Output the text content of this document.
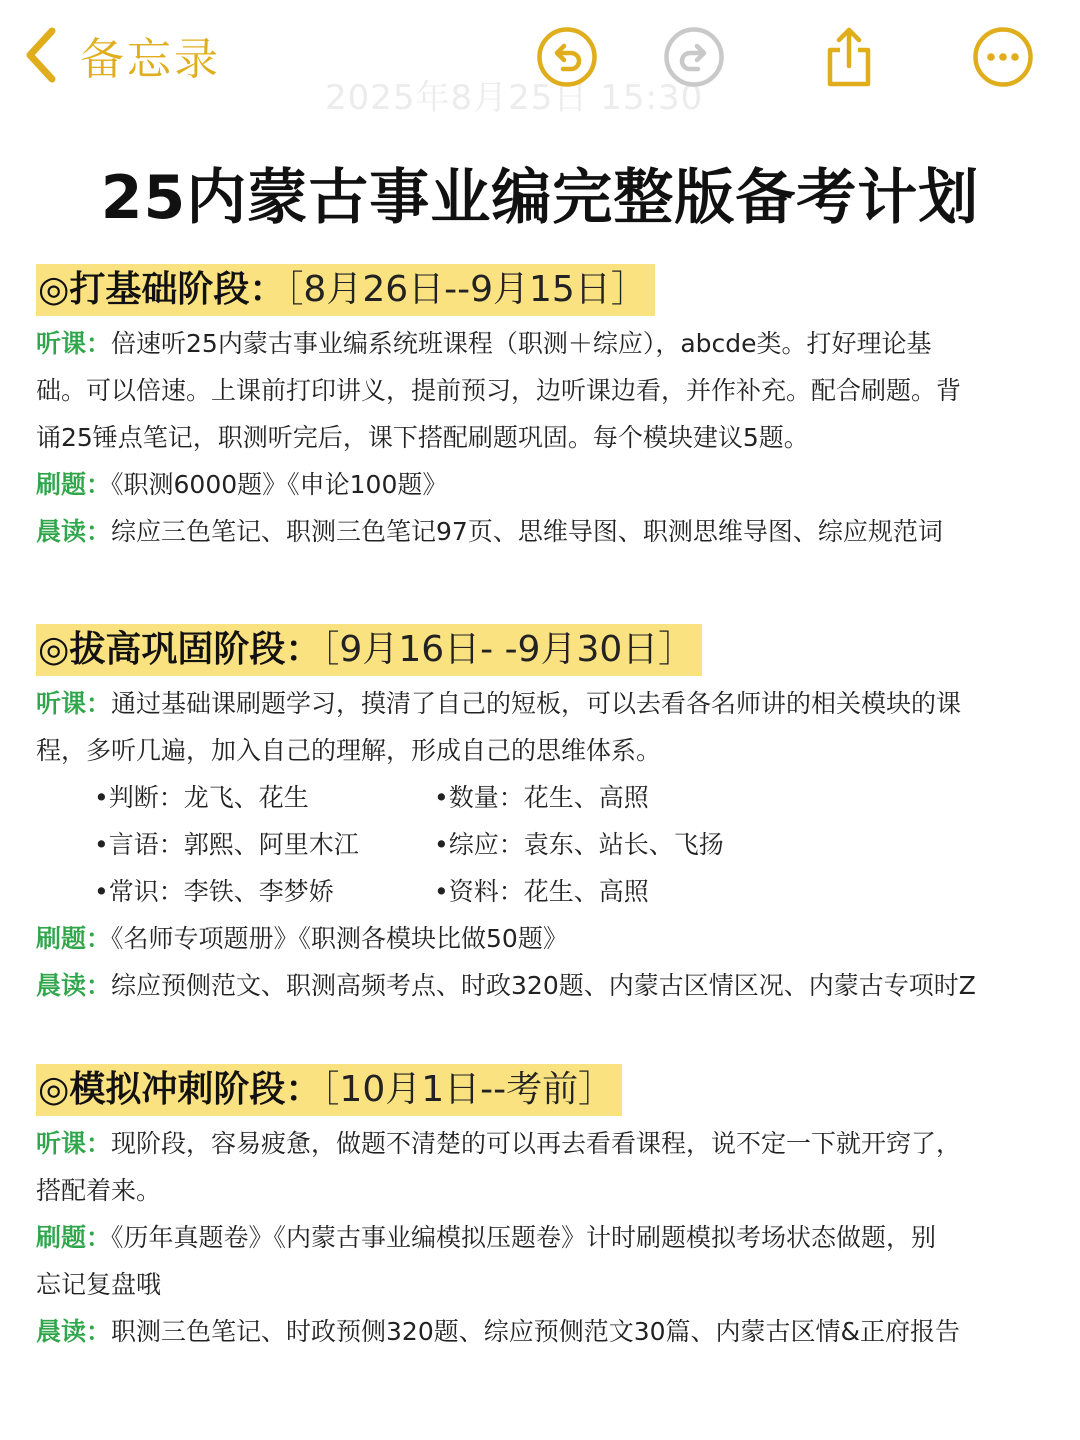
2025年8月25日 15:30
备忘录
25内蒙古事业编完整版备考计划
◎打基础阶段：［8月26日--9月15日］

听课：倍速听25内蒙古事业编系统班课程（职测＋综应），abcde类。打好理论基

础。可以倍速。上课前打印讲义，提前预习，边听课边看，并作补充。配合刷题。背

诵25锤点笔记，职测听完后，课下搭配刷题巩固。每个模块建议5题。

刷题：《职测6000题》《申论100题》

晨读：综应三色笔记、职测三色笔记97页、思维导图、职测思维导图、综应规范词

◎拔高巩固阶段：［9月16日- -9月30日］

听课：通过基础课刷题学习，摸清了自己的短板，可以去看各名师讲的相关模块的课

程，多听几遍，加入自己的理解，形成自己的思维体系。

•判断：龙飞、花生	•数量：花生、高照
•言语：郭熙、阿里木江	•综应：袁东、站长、飞扬
•常识：李铁、李梦娇	•资料：花生、高照

刷题：《名师专项题册》《职测各模块比做50题》

晨读：综应预侧范文、职测高频考点、时政320题、内蒙古区情区况、内蒙古专项时Z

◎模拟冲刺阶段：［10月1日--考前］

听课：现阶段，容易疲惫，做题不清楚的可以再去看看课程，说不定一下就开窍了，

搭配着来。

刷题：《历年真题卷》《内蒙古事业编模拟压题卷》计时刷题模拟考场状态做题，别

忘记复盘哦

晨读：职测三色笔记、时政预侧320题、综应预侧范文30篇、内蒙古区情&正府报告
